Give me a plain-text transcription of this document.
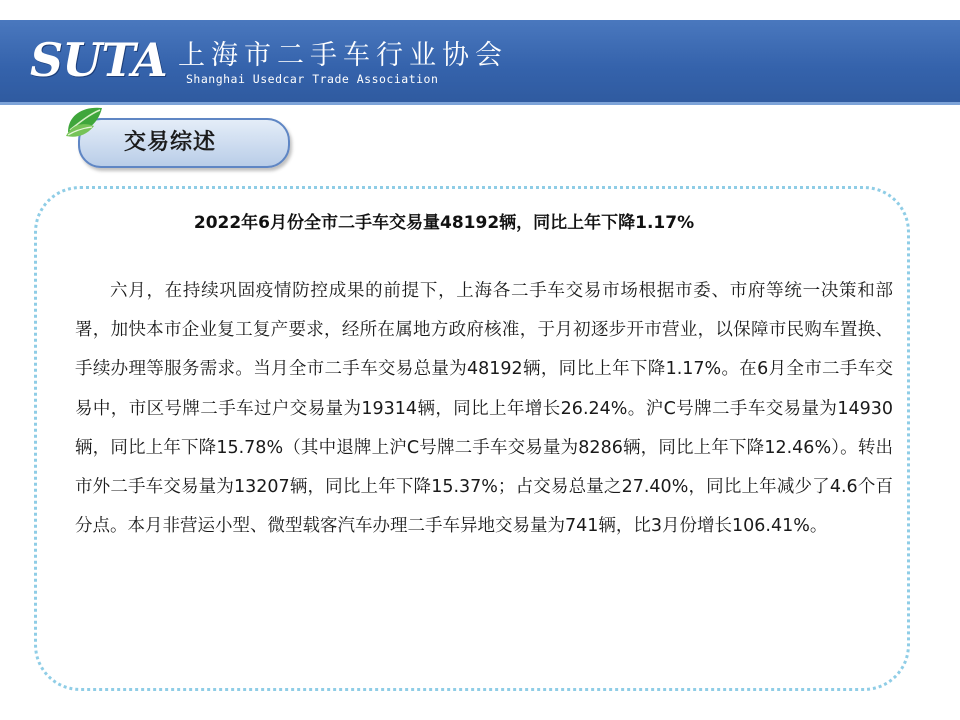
SUTA 上海市二手车行业协会
Shanghai Usedcar Trade Association
交易综述
2022年6月份全市二手车交易量48192辆，同比上年下降1.17%

六月，在持续巩固疫情防控成果的前提下，上海各二手车交易市场根据市委、市府等统一决策和部署，加快本市企业复工复产要求，经所在属地方政府核准，于月初逐步开市营业，以保障市民购车置换、手续办理等服务需求。当月全市二手车交易总量为48192辆，同比上年下降1.17%。在6月全市二手车交易中，市区号牌二手车过户交易量为19314辆，同比上年增长26.24%。沪C号牌二手车交易量为14930辆，同比上年下降15.78%（其中退牌上沪C号牌二手车交易量为8286辆，同比上年下降12.46%）。转出市外二手车交易量为13207辆，同比上年下降15.37%；占交易总量之27.40%，同比上年减少了4.6个百分点。本月非营运小型、微型载客汽车办理二手车异地交易量为741辆，比3月份增长106.41%。
